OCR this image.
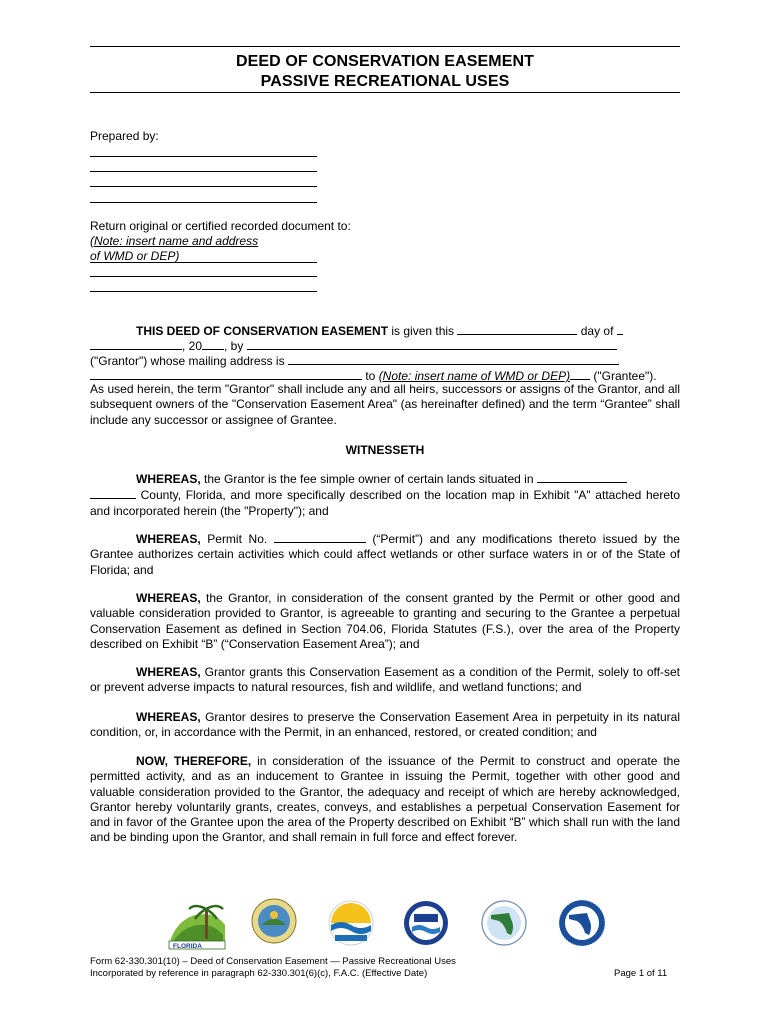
DEED OF CONSERVATION EASEMENT
PASSIVE RECREATIONAL USES
Prepared by:
Return original or certified recorded document to:
(Note: insert name and address
of WMD or DEP)
THIS DEED OF CONSERVATION EASEMENT is given this	day of
, 20 , by
("Grantor") whose mailing address is
to (Note: insert name of WMD or DEP) ("Grantee").
As used herein, the term "Grantor" shall include any and all heirs, successors or assigns of the Grantor, and all subsequent owners of the "Conservation Easement Area" (as hereinafter defined) and the term “Grantee” shall include any successor or assignee of Grantee.
WITNESSETH
WHEREAS, the Grantor is the fee simple owner of certain lands situated in
County, Florida, and more specifically described on the location map in Exhibit "A" attached hereto and incorporated herein (the "Property"); and
WHEREAS, Permit No.	(“Permit”) and any modifications thereto issued by the Grantee authorizes certain activities which could affect wetlands or other surface waters in or of the State of Florida; and
WHEREAS, the Grantor, in consideration of the consent granted by the Permit or other good and valuable consideration provided to Grantor, is agreeable to granting and securing to the Grantee a perpetual Conservation Easement as defined in Section 704.06, Florida Statutes (F.S.), over the area of the Property described on Exhibit “B” (“Conservation Easement Area”); and
WHEREAS, Grantor grants this Conservation Easement as a condition of the Permit, solely to off-set or prevent adverse impacts to natural resources, fish and wildlife, and wetland functions; and
WHEREAS, Grantor desires to preserve the Conservation Easement Area in perpetuity in its natural condition, or, in accordance with the Permit, in an enhanced, restored, or created condition; and
NOW, THEREFORE, in consideration of the issuance of the Permit to construct and operate the permitted activity, and as an inducement to Grantee in issuing the Permit, together with other good and valuable consideration provided to the Grantor, the adequacy and receipt of which are hereby acknowledged, Grantor hereby voluntarily grants, creates, conveys, and establishes a perpetual Conservation Easement for and in favor of the Grantee upon the area of the Property described on Exhibit “B” which shall run with the land and be binding upon the Grantor, and shall remain in full force and effect forever.
FLORIDA
Form 62-330.301(10) – Deed of Conservation Easement — Passive Recreational Uses
Incorporated by reference in paragraph 62-330.301(6)(c), F.A.C. (Effective Date)	Page 1 of 11
